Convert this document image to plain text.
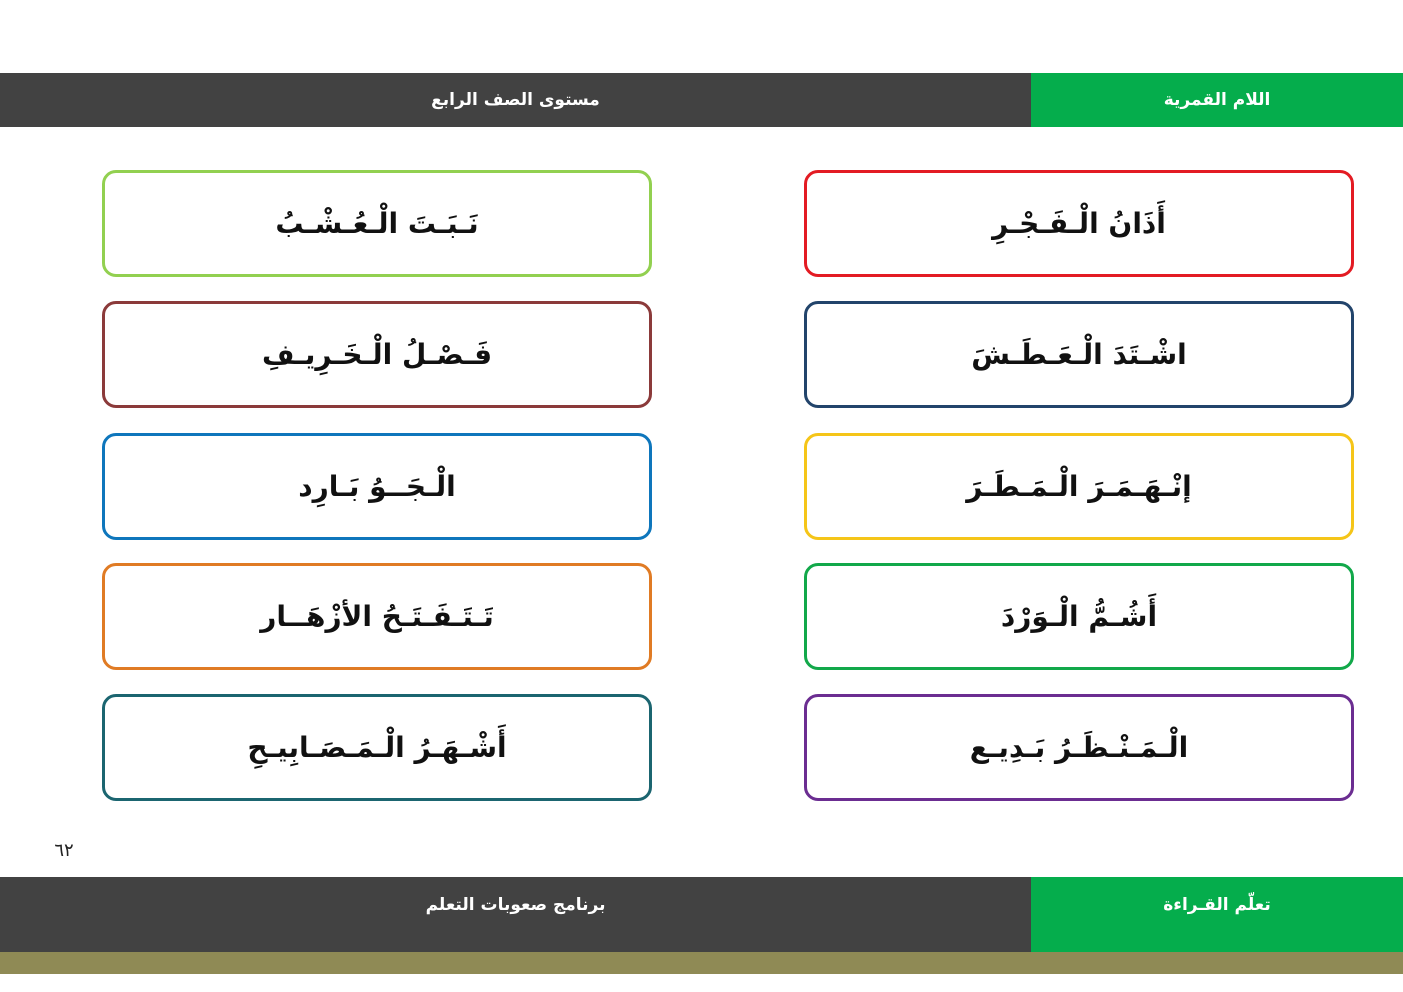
مستوى الصف الرابع	اللام القمرية
أَذَانُ الْـفَـجْـرِ
اشْـتَدَ الْـعَـطَـشَ
إنْـهَـمَـرَ الْـمَـطَـرَ
أَشُـمُّ الْـوَرْدَ
الْـمَـنْـظَـرُ بَـدِيـع
نَـبَـتَ الْـعُـشْـبُ
فَـصْـلُ الْـخَـرِيـفِ
الْـجَــوُ بَـارِد
تَـتَـفَـتَـحُ الأزْهَــار
أَشْـهَـرُ الْـمَـصَـابِيـحِ
٦٢
برنامج صعوبات التعلم	تعلّم القـراءة
